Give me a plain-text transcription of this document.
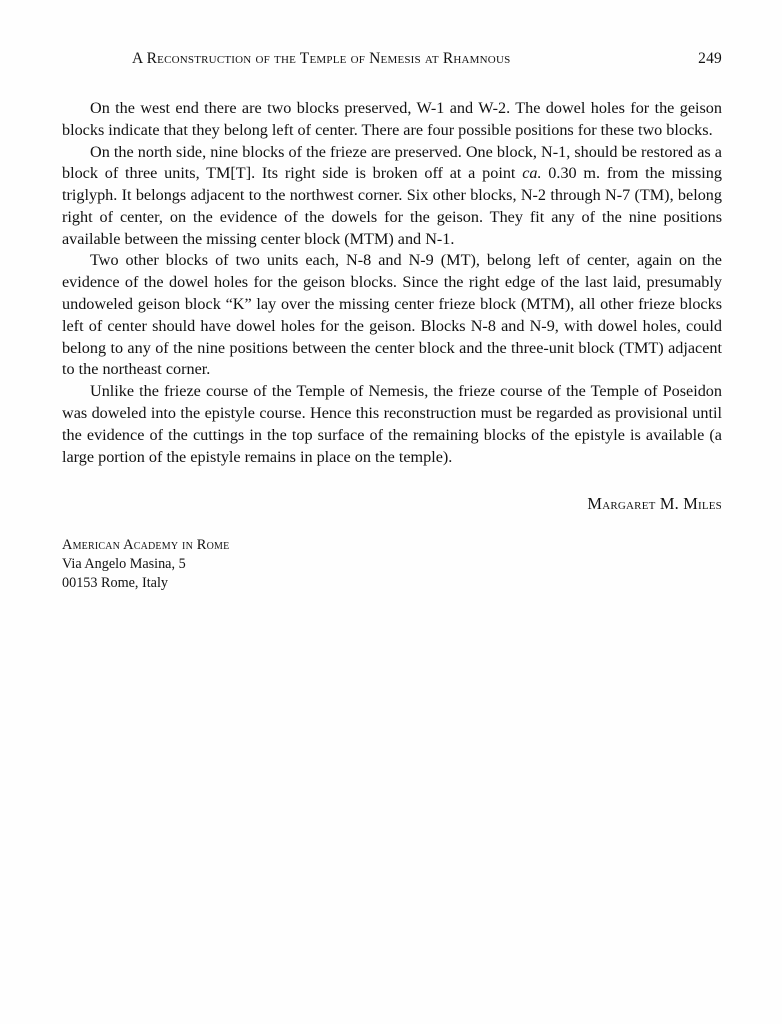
A Reconstruction of the Temple of Nemesis at Rhamnous	249

On the west end there are two blocks preserved, W-1 and W-2. The dowel holes for the geison blocks indicate that they belong left of center. There are four possible positions for these two blocks.

On the north side, nine blocks of the frieze are preserved. One block, N-1, should be restored as a block of three units, TM[T]. Its right side is broken off at a point ca. 0.30 m. from the missing triglyph. It belongs adjacent to the northwest corner. Six other blocks, N-2 through N-7 (TM), belong right of center, on the evidence of the dowels for the geison. They fit any of the nine positions available between the missing center block (MTM) and N-1.

Two other blocks of two units each, N-8 and N-9 (MT), belong left of center, again on the evidence of the dowel holes for the geison blocks. Since the right edge of the last laid, presumably undoweled geison block “K” lay over the missing center frieze block (MTM), all other frieze blocks left of center should have dowel holes for the geison. Blocks N-8 and N-9, with dowel holes, could belong to any of the nine positions between the center block and the three-unit block (TMT) adjacent to the northeast corner.

Unlike the frieze course of the Temple of Nemesis, the frieze course of the Temple of Poseidon was doweled into the epistyle course. Hence this reconstruction must be regarded as provisional until the evidence of the cuttings in the top surface of the remaining blocks of the epistyle is available (a large portion of the epistyle remains in place on the temple).

Margaret M. Miles
American Academy in Rome
Via Angelo Masina, 5
00153 Rome, Italy
